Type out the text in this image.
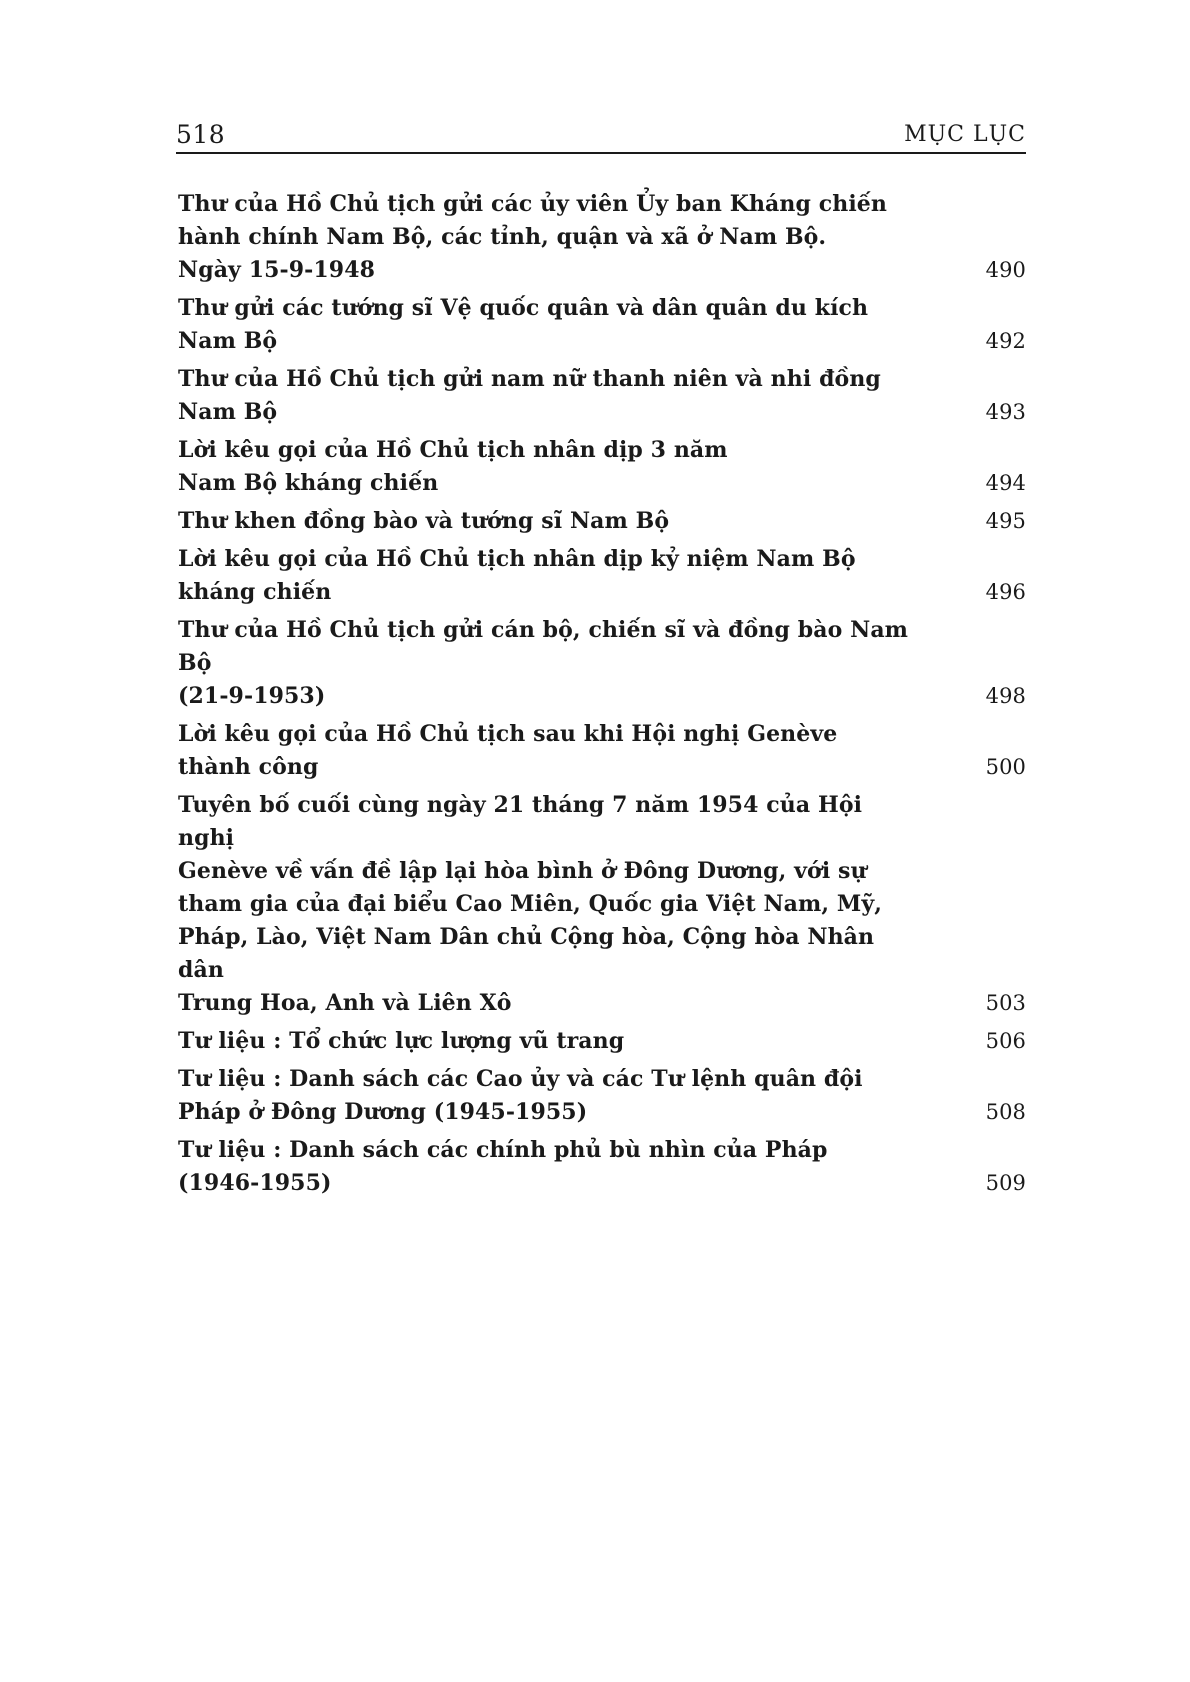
518	MỤC LỤC
Thư của Hồ Chủ tịch gửi các ủy viên Ủy ban Kháng chiến
hành chính Nam Bộ, các tỉnh, quận và xã ở Nam Bộ.
Ngày 15-9-1948	490
Thư gửi các tướng sĩ Vệ quốc quân và dân quân du kích
Nam Bộ	492
Thư của Hồ Chủ tịch gửi nam nữ thanh niên và nhi đồng
Nam Bộ	493
Lời kêu gọi của Hồ Chủ tịch nhân dịp 3 năm
Nam Bộ kháng chiến	494
Thư khen đồng bào và tướng sĩ Nam Bộ	495
Lời kêu gọi của Hồ Chủ tịch nhân dịp kỷ niệm Nam Bộ
kháng chiến	496
Thư của Hồ Chủ tịch gửi cán bộ, chiến sĩ và đồng bào Nam Bộ
(21-9-1953)	498
Lời kêu gọi của Hồ Chủ tịch sau khi Hội nghị Genève
thành công	500
Tuyên bố cuối cùng ngày 21 tháng 7 năm 1954 của Hội nghị
Genève về vấn đề lập lại hòa bình ở Đông Dương, với sự
tham gia của đại biểu Cao Miên, Quốc gia Việt Nam, Mỹ,
Pháp, Lào, Việt Nam Dân chủ Cộng hòa, Cộng hòa Nhân dân
Trung Hoa, Anh và Liên Xô	503
Tư liệu : Tổ chức lực lượng vũ trang	506
Tư liệu : Danh sách các Cao ủy và các Tư lệnh quân đội
Pháp ở Đông Dương (1945-1955)	508
Tư liệu : Danh sách các chính phủ bù nhìn của Pháp (1946-1955)	509
